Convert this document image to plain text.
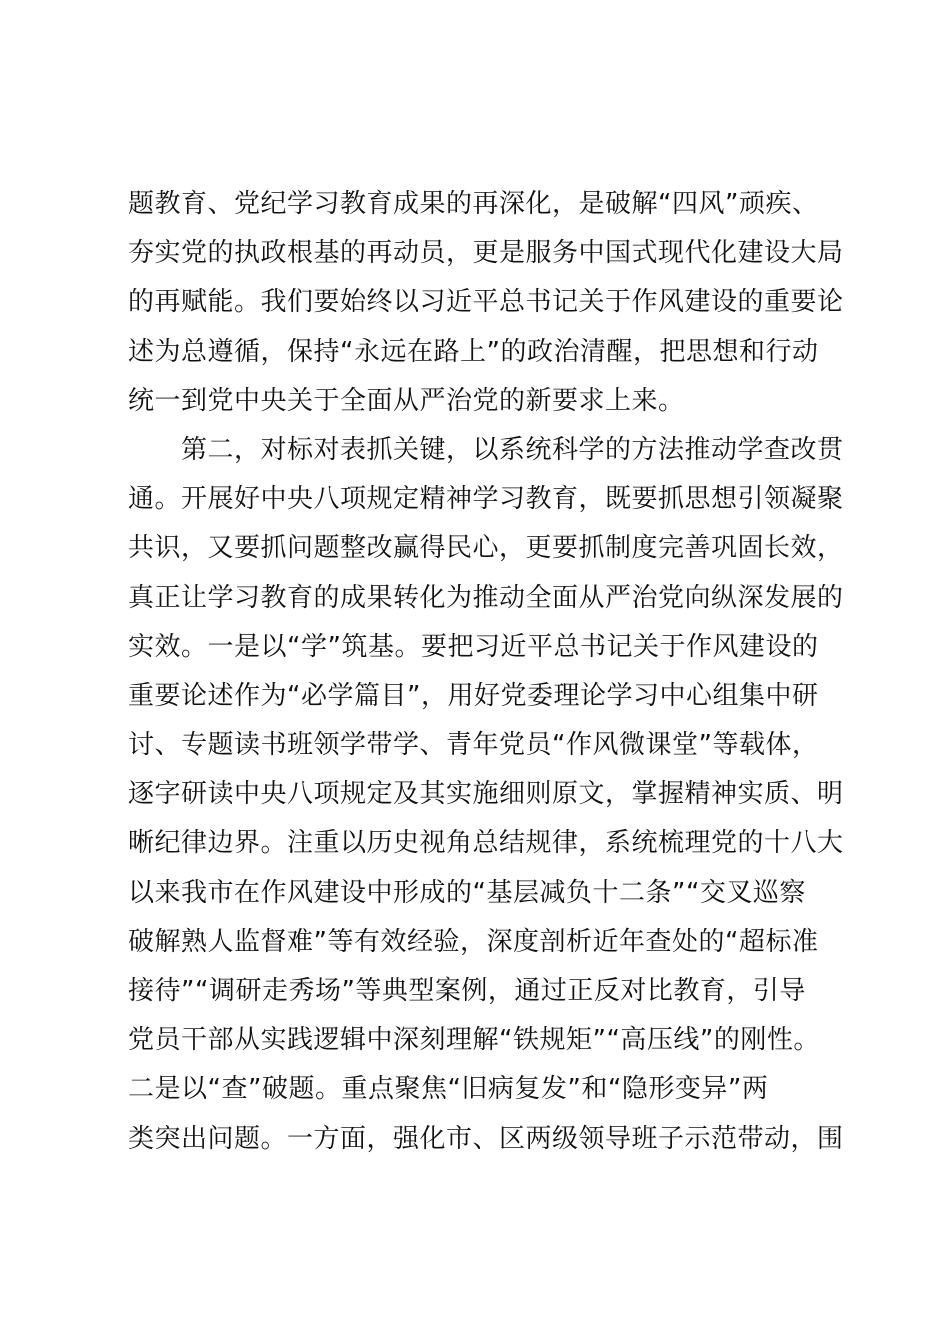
题教育、党纪学习教育成果的再深化，是破解“四风”顽疾、
夯实党的执政根基的再动员，更是服务中国式现代化建设大局
的再赋能。我们要始终以习近平总书记关于作风建设的重要论
述为总遵循，保持“永远在路上”的政治清醒，把思想和行动
统一到党中央关于全面从严治党的新要求上来。
　　第二，对标对表抓关键，以系统科学的方法推动学查改贯
通。开展好中央八项规定精神学习教育，既要抓思想引领凝聚
共识，又要抓问题整改赢得民心，更要抓制度完善巩固长效，
真正让学习教育的成果转化为推动全面从严治党向纵深发展的
实效。一是以“学”筑基。要把习近平总书记关于作风建设的
重要论述作为“必学篇目”，用好党委理论学习中心组集中研
讨、专题读书班领学带学、青年党员“作风微课堂”等载体，
逐字研读中央八项规定及其实施细则原文，掌握精神实质、明
晰纪律边界。注重以历史视角总结规律，系统梳理党的十八大
以来我市在作风建设中形成的“基层减负十二条”“交叉巡察
破解熟人监督难”等有效经验，深度剖析近年查处的“超标准
接待”“调研走秀场”等典型案例，通过正反对比教育，引导
党员干部从实践逻辑中深刻理解“铁规矩”“高压线”的刚性。
二是以“查”破题。重点聚焦“旧病复发”和“隐形变异”两
类突出问题。一方面，强化市、区两级领导班子示范带动，围
